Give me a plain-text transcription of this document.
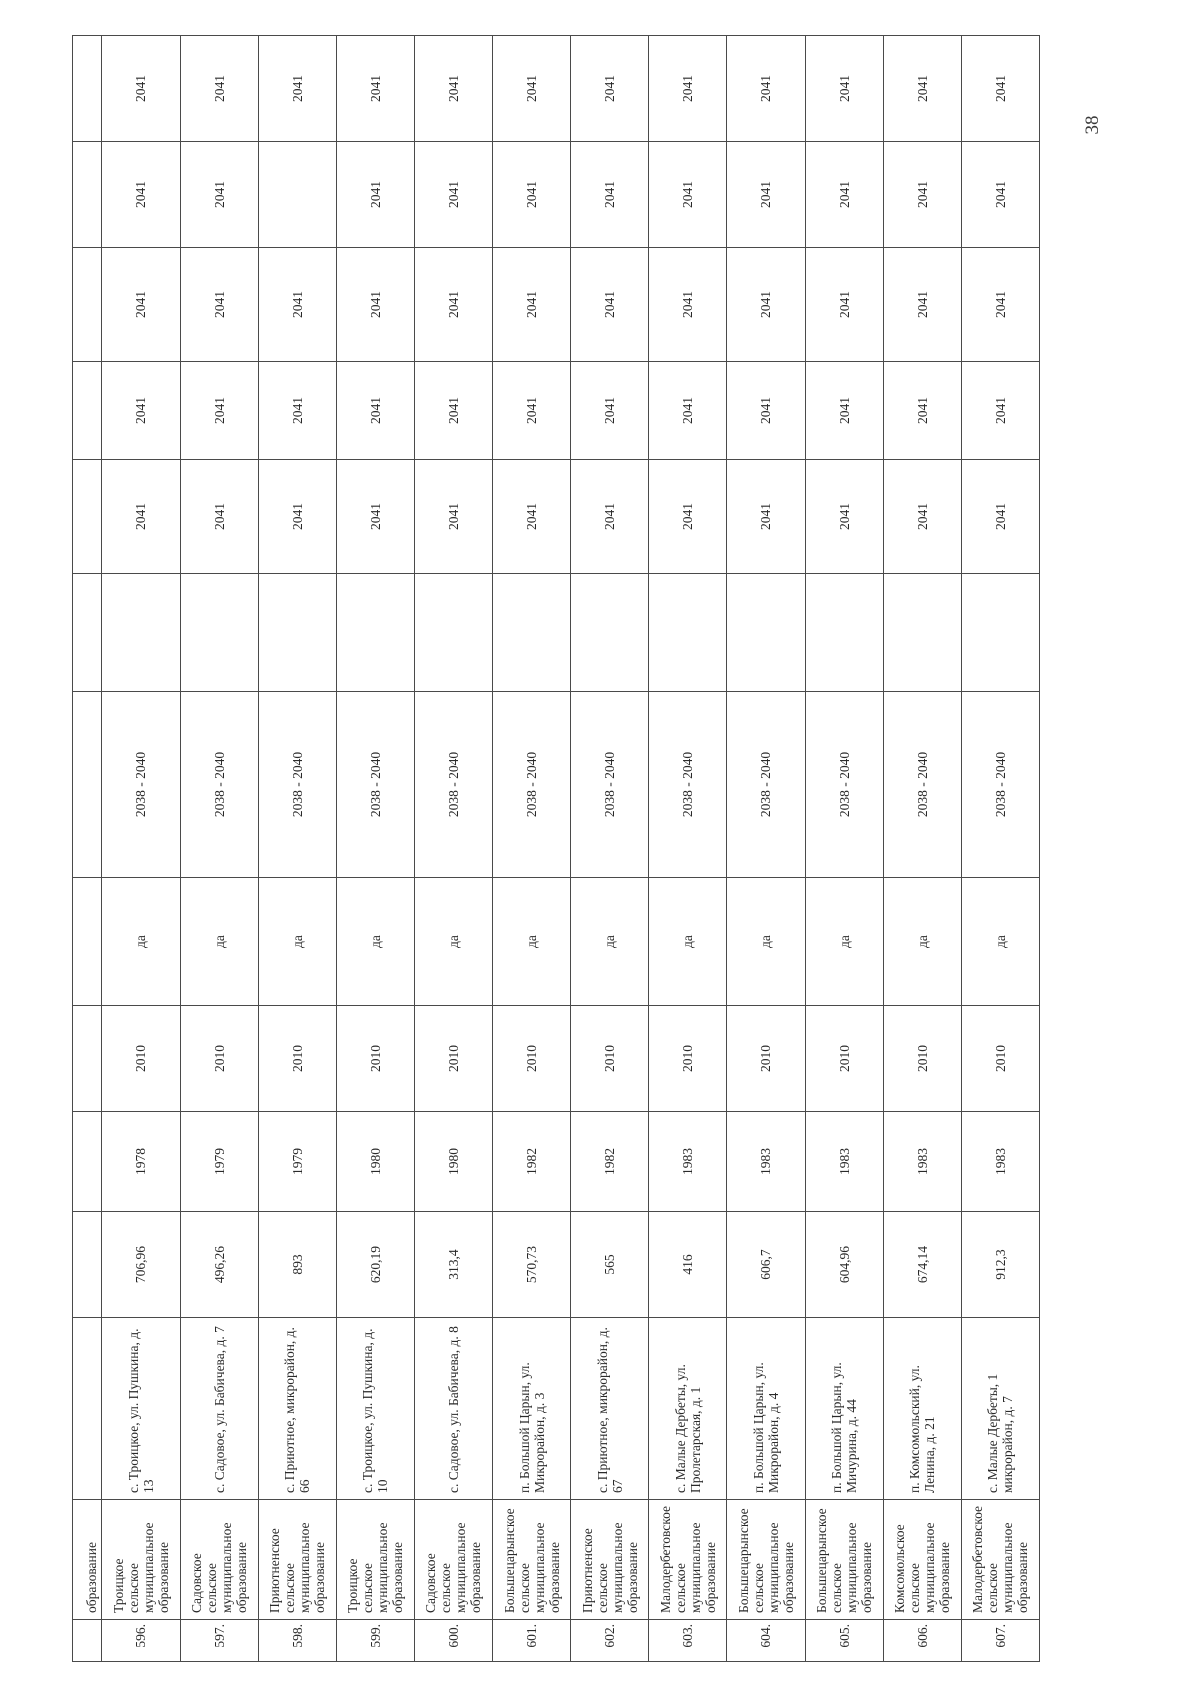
	образование												
596.	Троицкое сельское муниципальное образование	с. Троицкое, ул. Пушкина, д. 13	706,96	1978	2010	да	2038 - 2040		2041	2041	2041	2041	2041
597.	Садовское сельское муниципальное образование	с. Садовое, ул. Бабичева, д. 7	496,26	1979	2010	да	2038 - 2040		2041	2041	2041	2041	2041
598.	Приютненское сельское муниципальное образование	с. Приютное, микрорайон, д. 66	893	1979	2010	да	2038 - 2040		2041	2041	2041		2041
599.	Троицкое сельское муниципальное образование	с. Троицкое, ул. Пушкина, д. 10	620,19	1980	2010	да	2038 - 2040		2041	2041	2041	2041	2041
600.	Садовское сельское муниципальное образование	с. Садовое, ул. Бабичева, д. 8	313,4	1980	2010	да	2038 - 2040		2041	2041	2041	2041	2041
601.	Большецарынское сельское муниципальное образование	п. Большой Царын, ул. Микрорайон, д. 3	570,73	1982	2010	да	2038 - 2040		2041	2041	2041	2041	2041
602.	Приютненское сельское муниципальное образование	с. Приютное, микрорайон, д. 67	565	1982	2010	да	2038 - 2040		2041	2041	2041	2041	2041
603.	Малодербетовское сельское муниципальное образование	с. Малые Дербеты, ул. Пролетарская, д. 1	416	1983	2010	да	2038 - 2040		2041	2041	2041	2041	2041
604.	Большецарынское сельское муниципальное образование	п. Большой Царын, ул. Микрорайон, д. 4	606,7	1983	2010	да	2038 - 2040		2041	2041	2041	2041	2041
605.	Большецарынское сельское муниципальное образование	п. Большой Царын, ул. Мичурина, д. 44	604,96	1983	2010	да	2038 - 2040		2041	2041	2041	2041	2041
606.	Комсомольское сельское муниципальное образование	п. Комсомольский, ул. Ленина, д. 21	674,14	1983	2010	да	2038 - 2040		2041	2041	2041	2041	2041
607.	Малодербетовское сельское муниципальное образование	с. Малые Дербеты, 1 микрорайон, д. 7	912,3	1983	2010	да	2038 - 2040		2041	2041	2041	2041	2041
38
